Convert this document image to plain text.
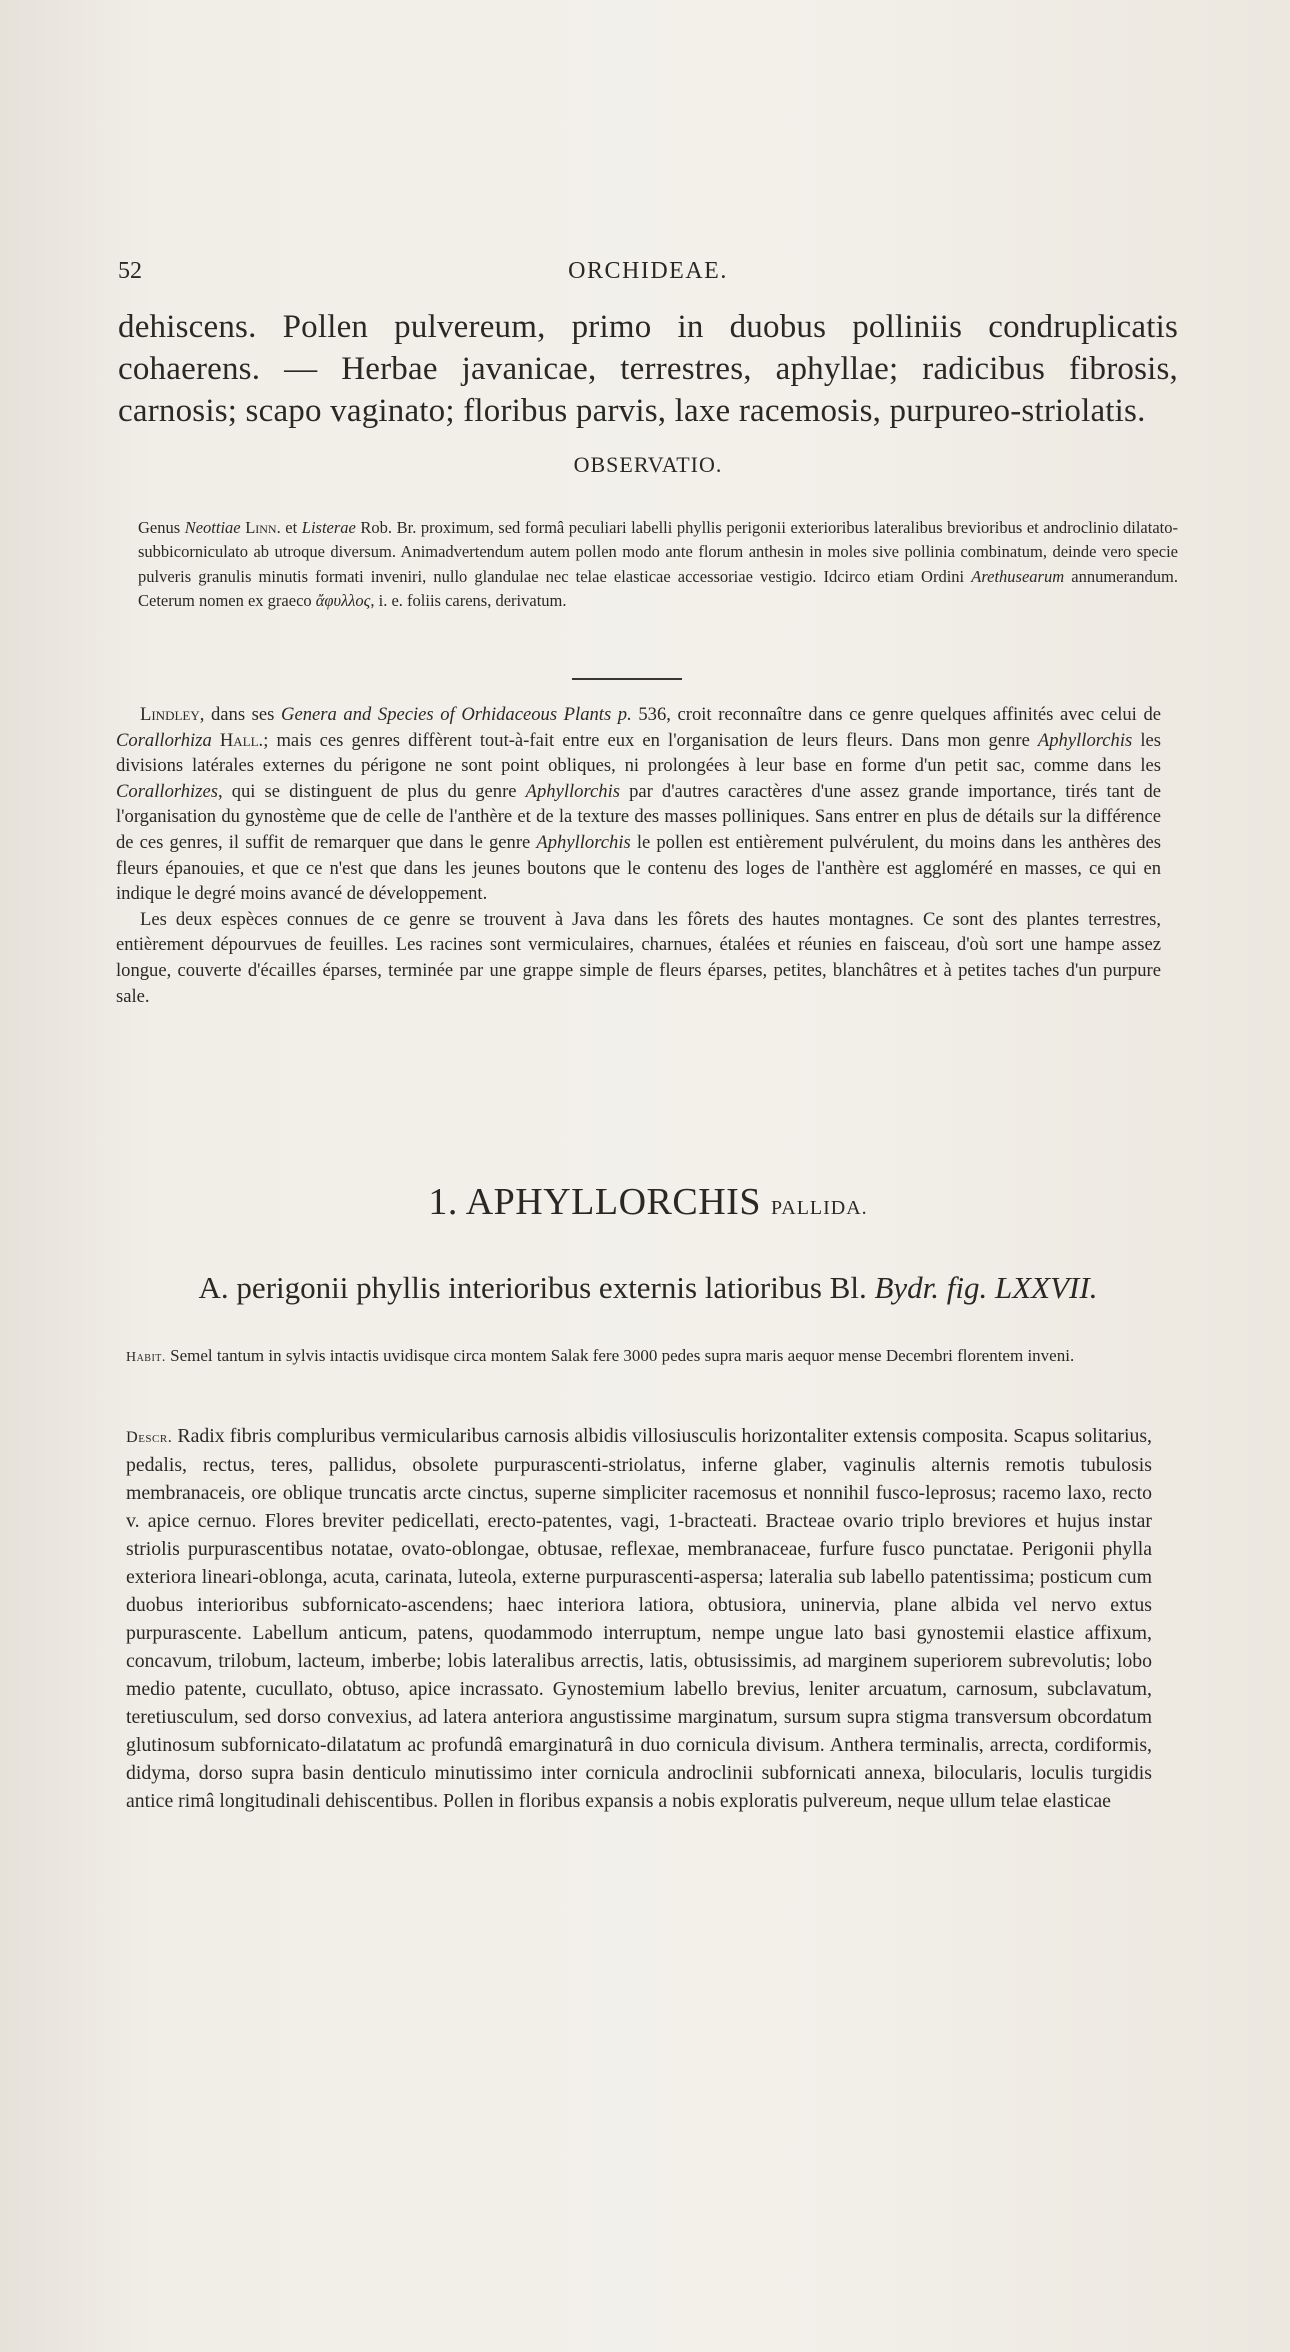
52	ORCHIDEAE.
dehiscens. Pollen pulvereum, primo in duobus polliniis condruplicatis cohaerens. — Herbae javanicae, terrestres, aphyllae; radicibus fibrosis, carnosis; scapo vaginato; floribus parvis, laxe racemosis, purpureo-striolatis.
OBSERVATIO.
Genus Neottiae Linn. et Listerae Rob. Br. proximum, sed formâ peculiari labelli phyllis perigonii exterioribus lateralibus brevioribus et androclinio dilatato-subbicorniculato ab utroque diversum. Animadvertendum autem pollen modo ante florum anthesin in moles sive pollinia combinatum, deinde vero specie pulveris granulis minutis formati inveniri, nullo glandulae nec telae elasticae accessoriae vestigio. Idcirco etiam Ordini Arethusearum annumerandum. Ceterum nomen ex graeco ἄφυλλος, i. e. foliis carens, derivatum.

Lindley, dans ses Genera and Species of Orhidaceous Plants p. 536, croit reconnaître dans ce genre quelques affinités avec celui de Corallorhiza Hall.; mais ces genres diffèrent tout-à-fait entre eux en l'organisation de leurs fleurs. Dans mon genre Aphyllorchis les divisions latérales externes du périgone ne sont point obliques, ni prolongées à leur base en forme d'un petit sac, comme dans les Corallorhizes, qui se distinguent de plus du genre Aphyllorchis par d'autres caractères d'une assez grande importance, tirés tant de l'organisation du gynostème que de celle de l'anthère et de la texture des masses polliniques. Sans entrer en plus de détails sur la différence de ces genres, il suffit de remarquer que dans le genre Aphyllorchis le pollen est entièrement pulvérulent, du moins dans les anthères des fleurs épanouies, et que ce n'est que dans les jeunes boutons que le contenu des loges de l'anthère est aggloméré en masses, ce qui en indique le degré moins avancé de développement.

Les deux espèces connues de ce genre se trouvent à Java dans les fôrets des hautes montagnes. Ce sont des plantes terrestres, entièrement dépourvues de feuilles. Les racines sont vermiculaires, charnues, étalées et réunies en faisceau, d'où sort une hampe assez longue, couverte d'écailles éparses, terminée par une grappe simple de fleurs éparses, petites, blanchâtres et à petites taches d'un purpure sale.

1. APHYLLORCHIS PALLIDA.
A. perigonii phyllis interioribus externis latioribus Bl. Bydr. fig. LXXVII.
Habit. Semel tantum in sylvis intactis uvidisque circa montem Salak fere 3000 pedes supra maris aequor mense Decembri florentem inveni.
Descr. Radix fibris compluribus vermicularibus carnosis albidis villosiusculis horizontaliter extensis composita. Scapus solitarius, pedalis, rectus, teres, pallidus, obsolete purpurascenti-striolatus, inferne glaber, vaginulis alternis remotis tubulosis membranaceis, ore oblique truncatis arcte cinctus, superne simpliciter racemosus et nonnihil fusco-leprosus; racemo laxo, recto v. apice cernuo. Flores breviter pedicellati, erecto-patentes, vagi, 1-bracteati. Bracteae ovario triplo breviores et hujus instar striolis purpurascentibus notatae, ovato-oblongae, obtusae, reflexae, membranaceae, furfure fusco punctatae. Perigonii phylla exteriora lineari-oblonga, acuta, carinata, luteola, externe purpurascenti-aspersa; lateralia sub labello patentissima; posticum cum duobus interioribus subfornicato-ascendens; haec interiora latiora, obtusiora, uninervia, plane albida vel nervo extus purpurascente. Labellum anticum, patens, quodammodo interruptum, nempe ungue lato basi gynostemii elastice affixum, concavum, trilobum, lacteum, imberbe; lobis lateralibus arrectis, latis, obtusissimis, ad marginem superiorem subrevolutis; lobo medio patente, cucullato, obtuso, apice incrassato. Gynostemium labello brevius, leniter arcuatum, carnosum, subclavatum, teretiusculum, sed dorso convexius, ad latera anteriora angustissime marginatum, sursum supra stigma transversum obcordatum glutinosum subfornicato-dilatatum ac profundâ emarginaturâ in duo cornicula divisum. Anthera terminalis, arrecta, cordiformis, didyma, dorso supra basin denticulo minutissimo inter cornicula androclinii subfornicati annexa, bilocularis, loculis turgidis antice rimâ longitudinali dehiscentibus. Pollen in floribus expansis a nobis exploratis pulvereum, neque ullum telae elasticae
